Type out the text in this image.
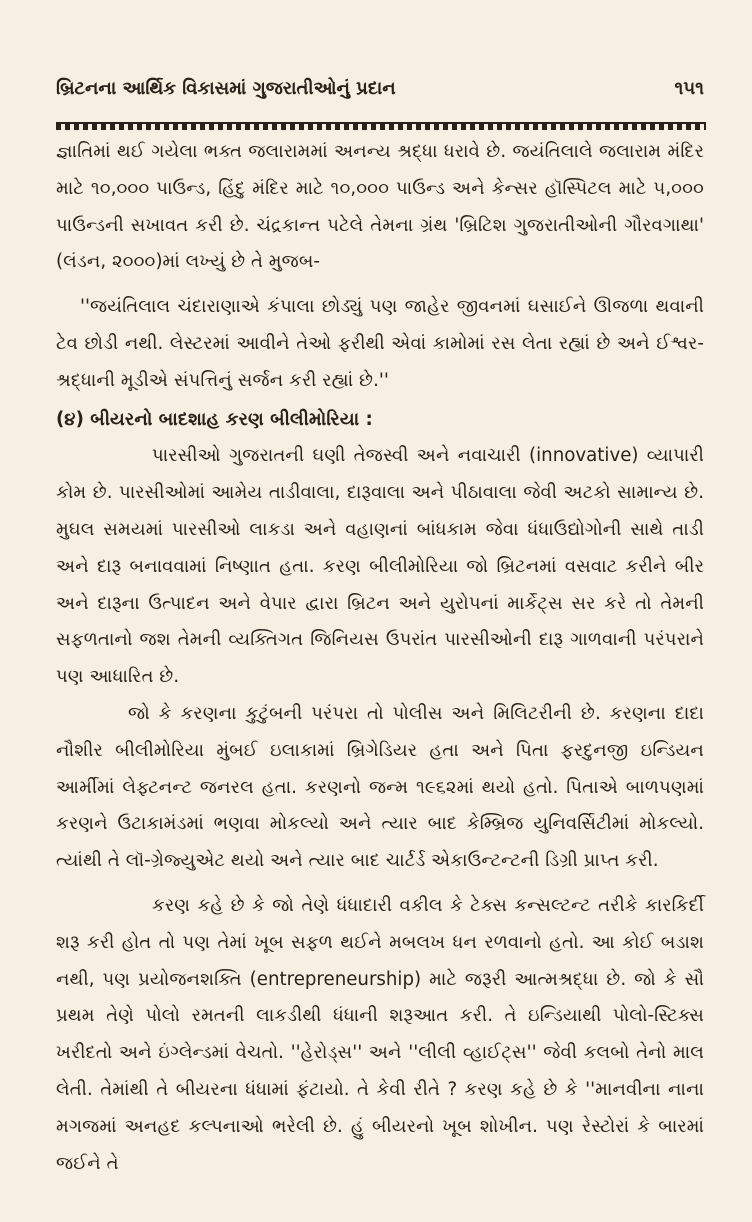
બ્રિટનના આર્થિક વિકાસમાં ગુજરાતીઓનું પ્રદાન	૧૫૧

જ્ઞાતિમાં થઈ ગયેલા ભક્ત જલારામમાં અનન્ય શ્રદ્ધા ધરાવે છે. જયંતિલાલે જલારામ મંદિર માટે ૧૦,૦૦૦ પાઉન્ડ, હિંદુ મંદિર માટે ૧૦,૦૦૦ પાઉન્ડ અને કેન્સર હૉસ્પિટલ માટે ૫,૦૦૦ પાઉન્ડની સખાવત કરી છે. ચંદ્રકાન્ત પટેલે તેમના ગ્રંથ 'બ્રિટિશ ગુજરાતીઓની ગૌરવગાથા' (લંડન, ૨૦૦૦)માં લખ્યું છે તે મુજબ-

''જયંતિલાલ ચંદારાણાએ કંપાલા છોડ્યું પણ જાહેર જીવનમાં ઘસાઈને ઊજળા થવાની ટેવ છોડી નથી. લેસ્ટરમાં આવીને તેઓ ફરીથી એવાં કામોમાં રસ લેતા રહ્યાં છે અને ઈશ્વર-શ્રદ્ધાની મૂડીએ સંપત્તિનું સર્જન કરી રહ્યાં છે.''

(૪) બીયરનો બાદશાહ કરણ બીલીમોરિયા :

પારસીઓ ગુજરાતની ઘણી તેજસ્વી અને નવાચારી (innovative) વ્યાપારી કોમ છે. પારસીઓમાં આમેય તાડીવાલા, દારૂવાલા અને પીઠાવાલા જેવી અટકો સામાન્ય છે. મુઘલ સમયમાં પારસીઓ લાકડા અને વહાણનાં બાંધકામ જેવા ધંધાઉદ્યોગોની સાથે તાડી અને દારૂ બનાવવામાં નિષ્ણાત હતા. કરણ બીલીમોરિયા જો બ્રિટનમાં વસવાટ કરીને બીર અને દારૂના ઉત્પાદન અને વેપાર દ્વારા બ્રિટન અને યુરોપનાં માર્કેટ્સ સર કરે તો તેમની સફળતાનો જશ તેમની વ્યક્તિગત જિનિયસ ઉપરાંત પારસીઓની દારૂ ગાળવાની પરંપરાને પણ આધારિત છે.

જો કે કરણના કુટુંબની પરંપરા તો પોલીસ અને મિલિટરીની છે. કરણના દાદા નૌશીર બીલીમોરિયા મુંબઈ ઇલાકામાં બ્રિગેડિયર હતા અને પિતા ફરદુનજી ઇન્ડિયન આર્મીમાં લેફ્ટનન્ટ જનરલ હતા. કરણનો જન્મ ૧૯૬૨માં થયો હતો. પિતાએ બાળપણમાં કરણને ઉટાકામંડમાં ભણવા મોકલ્યો અને ત્યાર બાદ કેમ્બ્રિજ યુનિવર્સિટીમાં મોકલ્યો. ત્યાંથી તે લૉ-ગ્રેજ્યુએટ થયો અને ત્યાર બાદ ચાર્ટર્ડ એકાઉન્ટન્ટની ડિગ્રી પ્રાપ્ત કરી.

કરણ કહે છે કે જો તેણે ધંધાદારી વકીલ કે ટેક્સ કન્સલ્ટન્ટ તરીકે કારકિર્દી શરૂ કરી હોત તો પણ તેમાં ખૂબ સફળ થઈને મબલખ ધન રળવાનો હતો. આ કોઈ બડાશ નથી, પણ પ્રયોજનશક્તિ (entrepreneurship) માટે જરૂરી આત્મશ્રદ્ધા છે. જો કે સૌ પ્રથમ તેણે પોલો રમતની લાકડીથી ધંધાની શરૂઆત કરી. તે ઇન્ડિયાથી પોલો-સ્ટિક્સ ખરીદતો અને ઇંગ્લેન્ડમાં વેચતો. ''હેરોડ્સ'' અને ''લીલી વ્હાઈટ્સ'' જેવી કલબો તેનો માલ લેતી. તેમાંથી તે બીયરના ધંધામાં ફંટાયો. તે કેવી રીતે ? કરણ કહે છે કે ''માનવીના નાના મગજમાં અનહદ કલ્પનાઓ ભરેલી છે. હું બીયરનો ખૂબ શોખીન. પણ રેસ્ટોરાં કે બારમાં જઈને તે
